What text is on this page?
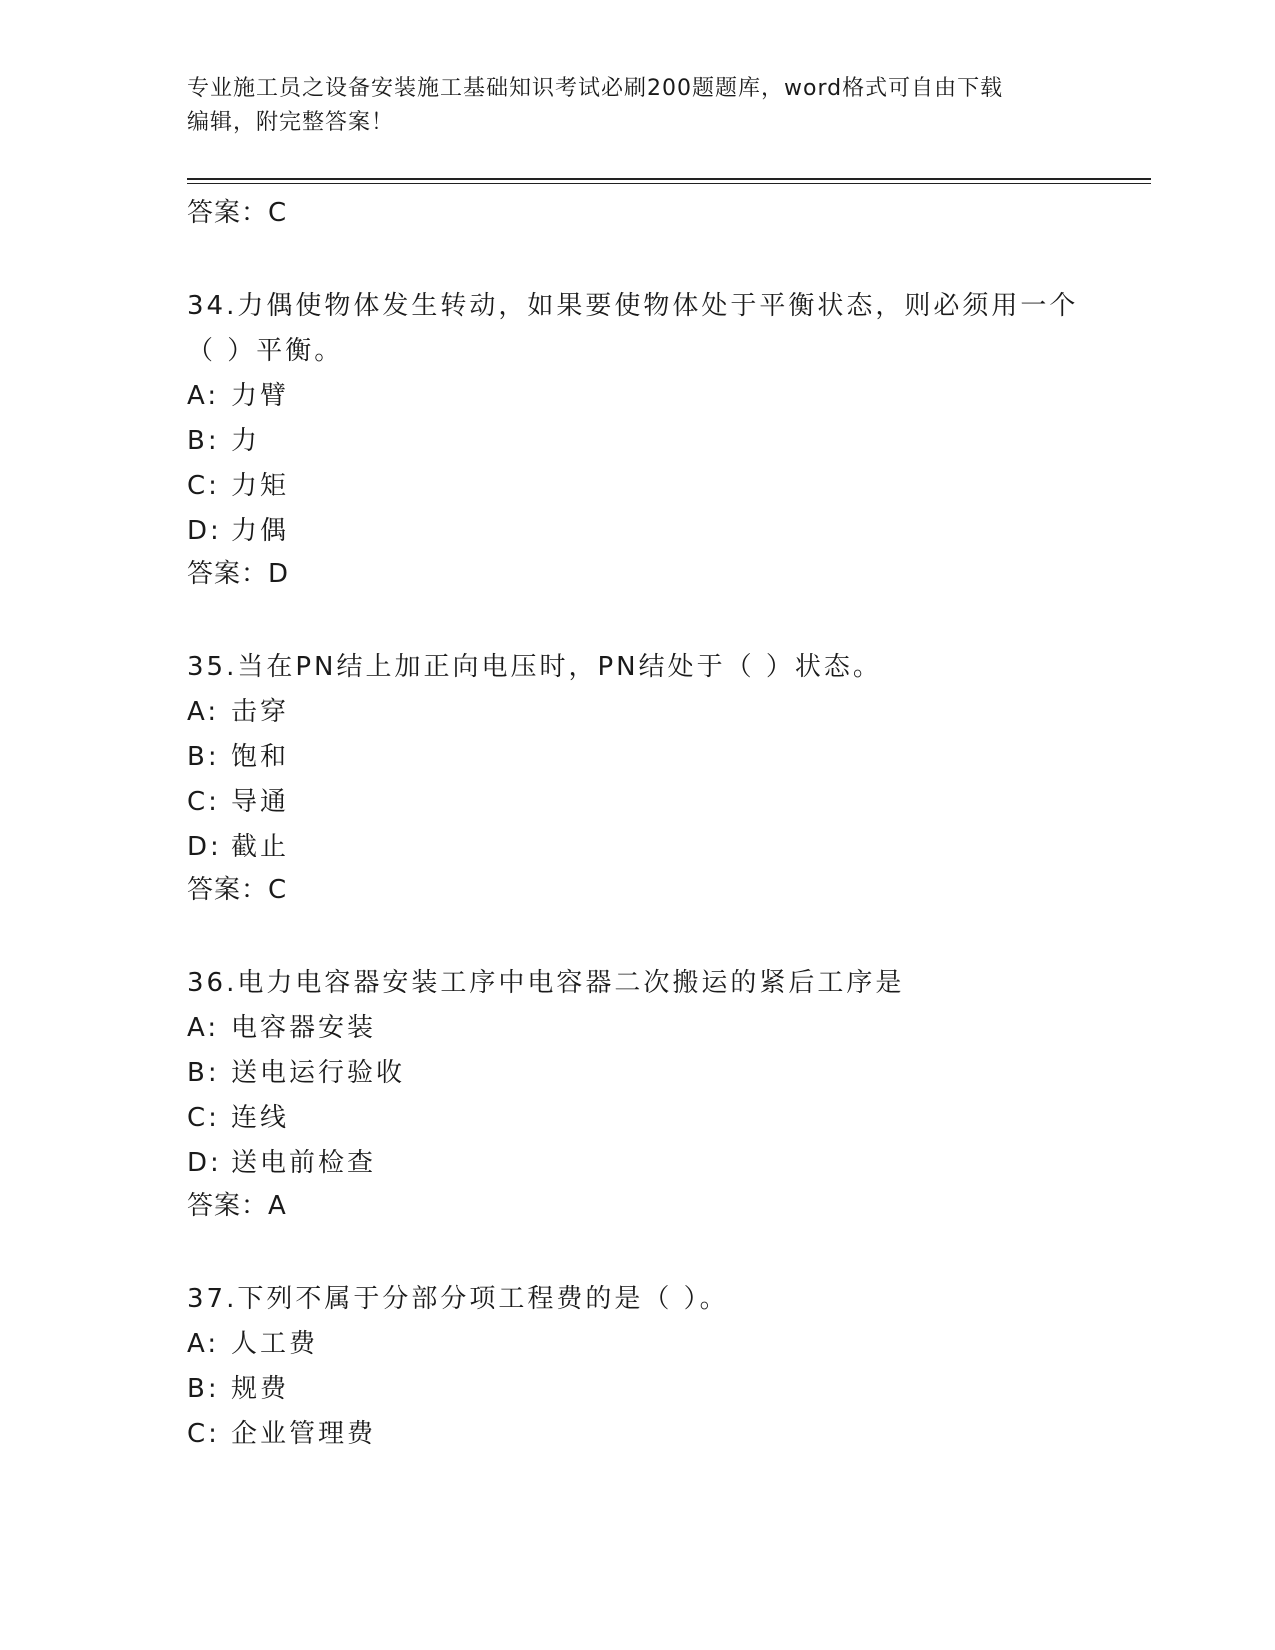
专业施工员之设备安装施工基础知识考试必刷200题题库，word格式可自由下载
编辑，附完整答案！
答案：C
34.力偶使物体发生转动，如果要使物体处于平衡状态，则必须用一个
（ ）平衡。
A: 力臂
B: 力
C: 力矩
D: 力偶
答案：D
35.当在PN结上加正向电压时，PN结处于（ ）状态。
A: 击穿
B: 饱和
C: 导通
D: 截止
答案：C
36.电力电容器安装工序中电容器二次搬运的紧后工序是
A: 电容器安装
B: 送电运行验收
C: 连线
D: 送电前检查
答案：A
37.下列不属于分部分项工程费的是（ ）。
A: 人工费
B: 规费
C: 企业管理费
